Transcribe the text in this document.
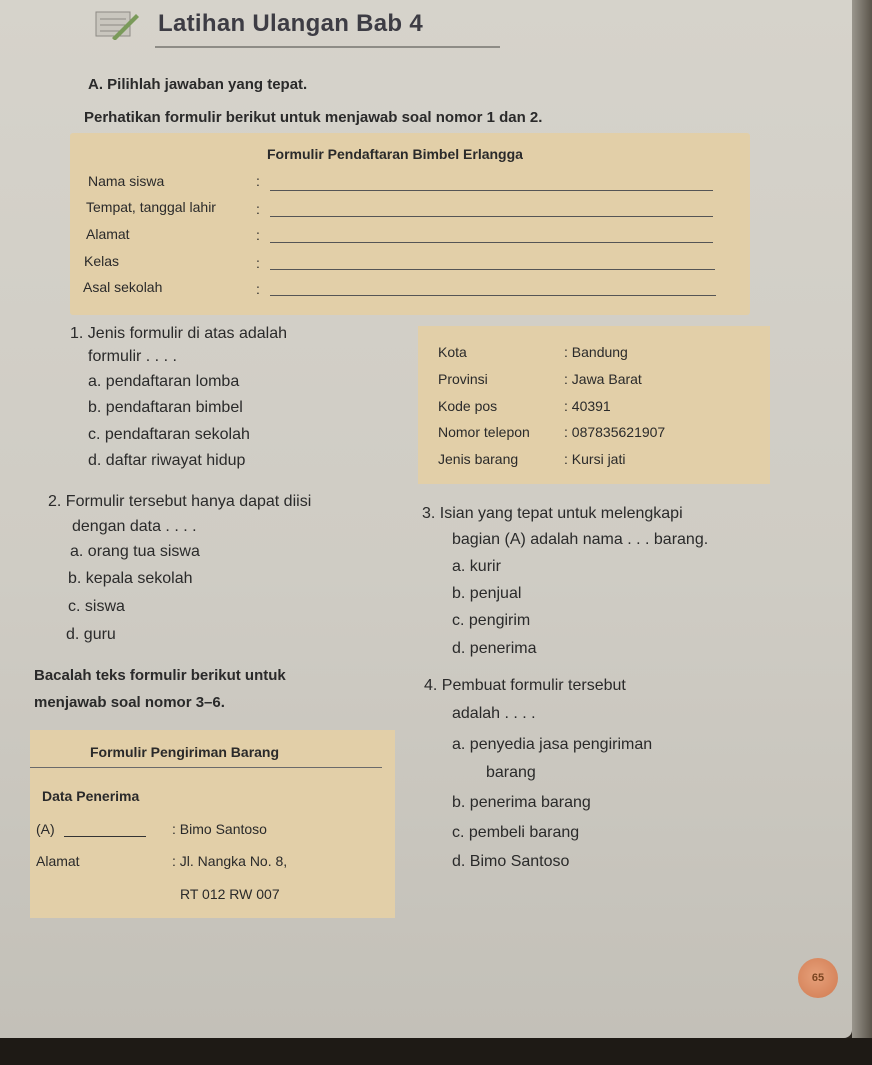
Latihan Ulangan Bab 4
A. Pilihlah jawaban yang tepat.
Perhatikan formulir berikut untuk menjawab soal nomor 1 dan 2.
Formulir Pendaftaran Bimbel Erlangga
Nama siswa	:
Tempat, tanggal lahir	:
Alamat	:
Kelas	:
Asal sekolah	:
Kota	: Bandung
Provinsi	: Jawa Barat
Kode pos	: 40391
Nomor telepon : 087835621907
Jenis barang	: Kursi jati
1. Jenis formulir di atas adalah
formulir . . . .
a. pendaftaran lomba
b. pendaftaran bimbel
c. pendaftaran sekolah
d. daftar riwayat hidup
2. Formulir tersebut hanya dapat diisi
dengan data . . . .
a. orang tua siswa
b. kepala sekolah
c. siswa
d. guru
3. Isian yang tepat untuk melengkapi
bagian (A) adalah nama . . . barang.
a. kurir
b. penjual
c. pengirim
d. penerima
Bacalah teks formulir berikut untuk
menjawab soal nomor 3–6.
4. Pembuat formulir tersebut
adalah . . . .
a. penyedia jasa pengiriman
barang
b. penerima barang
c. pembeli barang
d. Bimo Santoso
Formulir Pengiriman Barang
Data Penerima
(A)	: Bimo Santoso
Alamat	: Jl. Nangka No. 8,
RT 012 RW 007
65
